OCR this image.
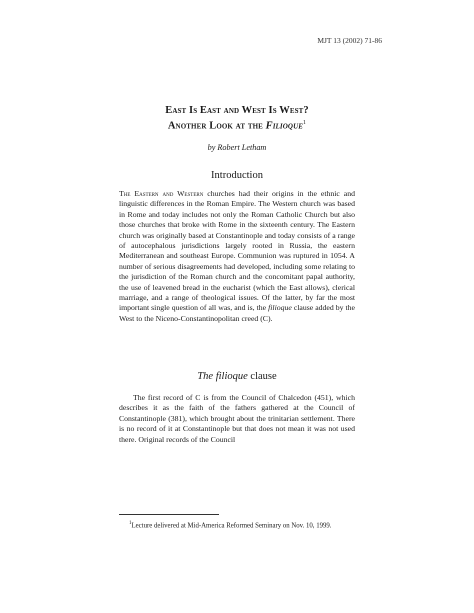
MJT 13 (2002) 71-86
East Is East and West Is West?
Another Look at the Filioque$^1$
by Robert Letham
Introduction

The Eastern and Western churches had their origins in the ethnic and linguistic differences in the Roman Empire. The Western church was based in Rome and today includes not only the Roman Catholic Church but also those churches that broke with Rome in the sixteenth century. The Eastern church was originally based at Constantinople and today consists of a range of autocephalous jurisdictions largely rooted in Russia, the eastern Mediterranean and southeast Europe. Communion was ruptured in 1054. A number of serious disagreements had developed, including some relating to the jurisdiction of the Roman church and the concomitant papal authority, the use of leavened bread in the eucharist (which the East allows), clerical marriage, and a range of theological issues. Of the latter, by far the most important single question of all was, and is, the filioque clause added by the West to the Niceno-Constantinopolitan creed (C).

The filioque clause

The first record of C is from the Council of Chalcedon (451), which describes it as the faith of the fathers gathered at the Council of Constantinople (381), which brought about the trinitarian settlement. There is no record of it at Constantinople but that does not mean it was not used there. Original records of the Council

$^1$Lecture delivered at Mid-America Reformed Seminary on Nov. 10, 1999.
